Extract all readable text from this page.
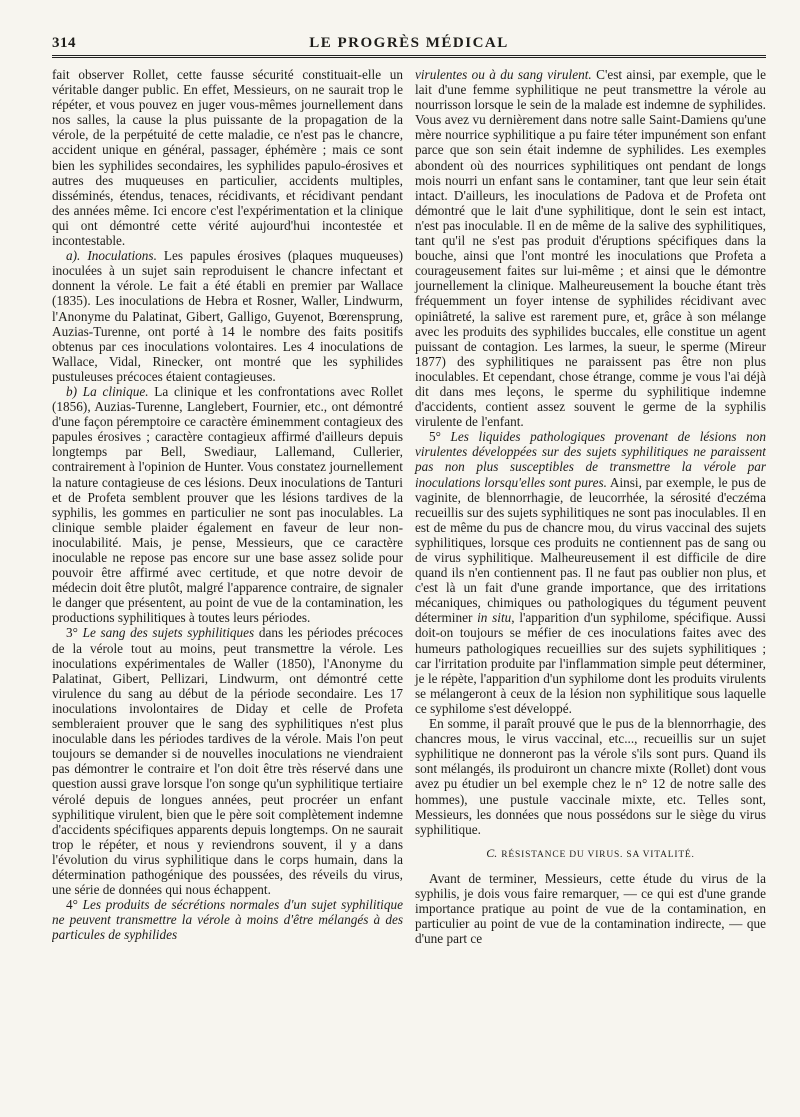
314	LE PROGRÈS MÉDICAL

fait observer Rollet, cette fausse sécurité constituait-elle un véritable danger public. En effet, Messieurs, on ne saurait trop le répéter, et vous pouvez en juger vous-mêmes journellement dans nos salles, la cause la plus puissante de la propagation de la vérole, de la perpétuité de cette maladie, ce n'est pas le chancre, accident unique en général, passager, éphémère ; mais ce sont bien les syphilides secondaires, les syphilides papulo-érosives et autres des muqueuses en particulier, accidents multiples, disséminés, étendus, tenaces, récidivants, et récidivant pendant des années même. Ici encore c'est l'expérimentation et la clinique qui ont démontré cette vérité aujourd'hui incontestée et incontestable.

a). Inoculations. Les papules érosives (plaques muqueuses) inoculées à un sujet sain reproduisent le chancre infectant et donnent la vérole. Le fait a été établi en premier par Wallace (1835). Les inoculations de Hebra et Rosner, Waller, Lindwurm, l'Anonyme du Palatinat, Gibert, Galligo, Guyenot, Bœrensprung, Auzias-Turenne, ont porté à 14 le nombre des faits positifs obtenus par ces inoculations volontaires. Les 4 inoculations de Wallace, Vidal, Rinecker, ont montré que les syphilides pustuleuses précoces étaient contagieuses.

b) La clinique. La clinique et les confrontations avec Rollet (1856), Auzias-Turenne, Langlebert, Fournier, etc., ont démontré d'une façon péremptoire ce caractère éminemment contagieux des papules érosives ; caractère contagieux affirmé d'ailleurs depuis longtemps par Bell, Swediaur, Lallemand, Cullerier, contrairement à l'opinion de Hunter. Vous constatez journellement la nature contagieuse de ces lésions. Deux inoculations de Tanturi et de Profeta semblent prouver que les lésions tardives de la syphilis, les gommes en particulier ne sont pas inoculables. La clinique semble plaider également en faveur de leur non-inoculabilité. Mais, je pense, Messieurs, que ce caractère inoculable ne repose pas encore sur une base assez solide pour pouvoir être affirmé avec certitude, et que notre devoir de médecin doit être plutôt, malgré l'apparence contraire, de signaler le danger que présentent, au point de vue de la contamination, les productions syphilitiques à toutes leurs périodes.

3° Le sang des sujets syphilitiques dans les périodes précoces de la vérole tout au moins, peut transmettre la vérole. Les inoculations expérimentales de Waller (1850), l'Anonyme du Palatinat, Gibert, Pellizari, Lindwurm, ont démontré cette virulence du sang au début de la période secondaire. Les 17 inoculations involontaires de Diday et celle de Profeta sembleraient prouver que le sang des syphilitiques n'est plus inoculable dans les périodes tardives de la vérole. Mais l'on peut toujours se demander si de nouvelles inoculations ne viendraient pas démontrer le contraire et l'on doit être très réservé dans une question aussi grave lorsque l'on songe qu'un syphilitique tertiaire vérolé depuis de longues années, peut procréer un enfant syphilitique virulent, bien que le père soit complètement indemne d'accidents spécifiques apparents depuis longtemps. On ne saurait trop le répéter, et nous y reviendrons souvent, il y a dans l'évolution du virus syphilitique dans le corps humain, dans la détermination pathogénique des poussées, des réveils du virus, une série de données qui nous échappent.

4° Les produits de sécrétions normales d'un sujet syphilitique ne peuvent transmettre la vérole à moins d'être mélangés à des particules de syphilides

virulentes ou à du sang virulent. C'est ainsi, par exemple, que le lait d'une femme syphilitique ne peut transmettre la vérole au nourrisson lorsque le sein de la malade est indemne de syphilides. Vous avez vu dernièrement dans notre salle Saint-Damiens qu'une mère nourrice syphilitique a pu faire téter impunément son enfant parce que son sein était indemne de syphilides. Les exemples abondent où des nourrices syphilitiques ont pendant de longs mois nourri un enfant sans le contaminer, tant que leur sein était intact. D'ailleurs, les inoculations de Padova et de Profeta ont démontré que le lait d'une syphilitique, dont le sein est intact, n'est pas inoculable. Il en de même de la salive des syphilitiques, tant qu'il ne s'est pas produit d'éruptions spécifiques dans la bouche, ainsi que l'ont montré les inoculations que Profeta a courageusement faites sur lui-même ; et ainsi que le démontre journellement la clinique. Malheureusement la bouche étant très fréquemment un foyer intense de syphilides récidivant avec opiniâtreté, la salive est rarement pure, et, grâce à son mélange avec les produits des syphilides buccales, elle constitue un agent puissant de contagion. Les larmes, la sueur, le sperme (Mireur 1877) des syphilitiques ne paraissent pas être non plus inoculables. Et cependant, chose étrange, comme je vous l'ai déjà dit dans mes leçons, le sperme du syphilitique indemne d'accidents, contient assez souvent le germe de la syphilis virulente de l'enfant.

5° Les liquides pathologiques provenant de lésions non virulentes développées sur des sujets syphilitiques ne paraissent pas non plus susceptibles de transmettre la vérole par inoculations lorsqu'elles sont pures. Ainsi, par exemple, le pus de vaginite, de blennorrhagie, de leucorrhée, la sérosité d'eczéma recueillis sur des sujets syphilitiques ne sont pas inoculables. Il en est de même du pus de chancre mou, du virus vaccinal des sujets syphilitiques, lorsque ces produits ne contiennent pas de sang ou de virus syphilitique. Malheureusement il est difficile de dire quand ils n'en contiennent pas. Il ne faut pas oublier non plus, et c'est là un fait d'une grande importance, que des irritations mécaniques, chimiques ou pathologiques du tégument peuvent déterminer in situ, l'apparition d'un syphilome, spécifique. Aussi doit-on toujours se méfier de ces inoculations faites avec des humeurs pathologiques recueillies sur des sujets syphilitiques ; car l'irritation produite par l'inflammation simple peut déterminer, je le répète, l'apparition d'un syphilome dont les produits virulents se mélangeront à ceux de la lésion non syphilitique sous laquelle ce syphilome s'est développé.

En somme, il paraît prouvé que le pus de la blennorrhagie, des chancres mous, le virus vaccinal, etc..., recueillis sur un sujet syphilitique ne donneront pas la vérole s'ils sont purs. Quand ils sont mélangés, ils produiront un chancre mixte (Rollet) dont vous avez pu étudier un bel exemple chez le n° 12 de notre salle des hommes), une pustule vaccinale mixte, etc. Telles sont, Messieurs, les données que nous possédons sur le siège du virus syphilitique.

C. RÉSISTANCE DU VIRUS. SA VITALITÉ.

Avant de terminer, Messieurs, cette étude du virus de la syphilis, je dois vous faire remarquer, — ce qui est d'une grande importance pratique au point de vue de la contamination, en particulier au point de vue de la contamination indirecte, — que d'une part ce
